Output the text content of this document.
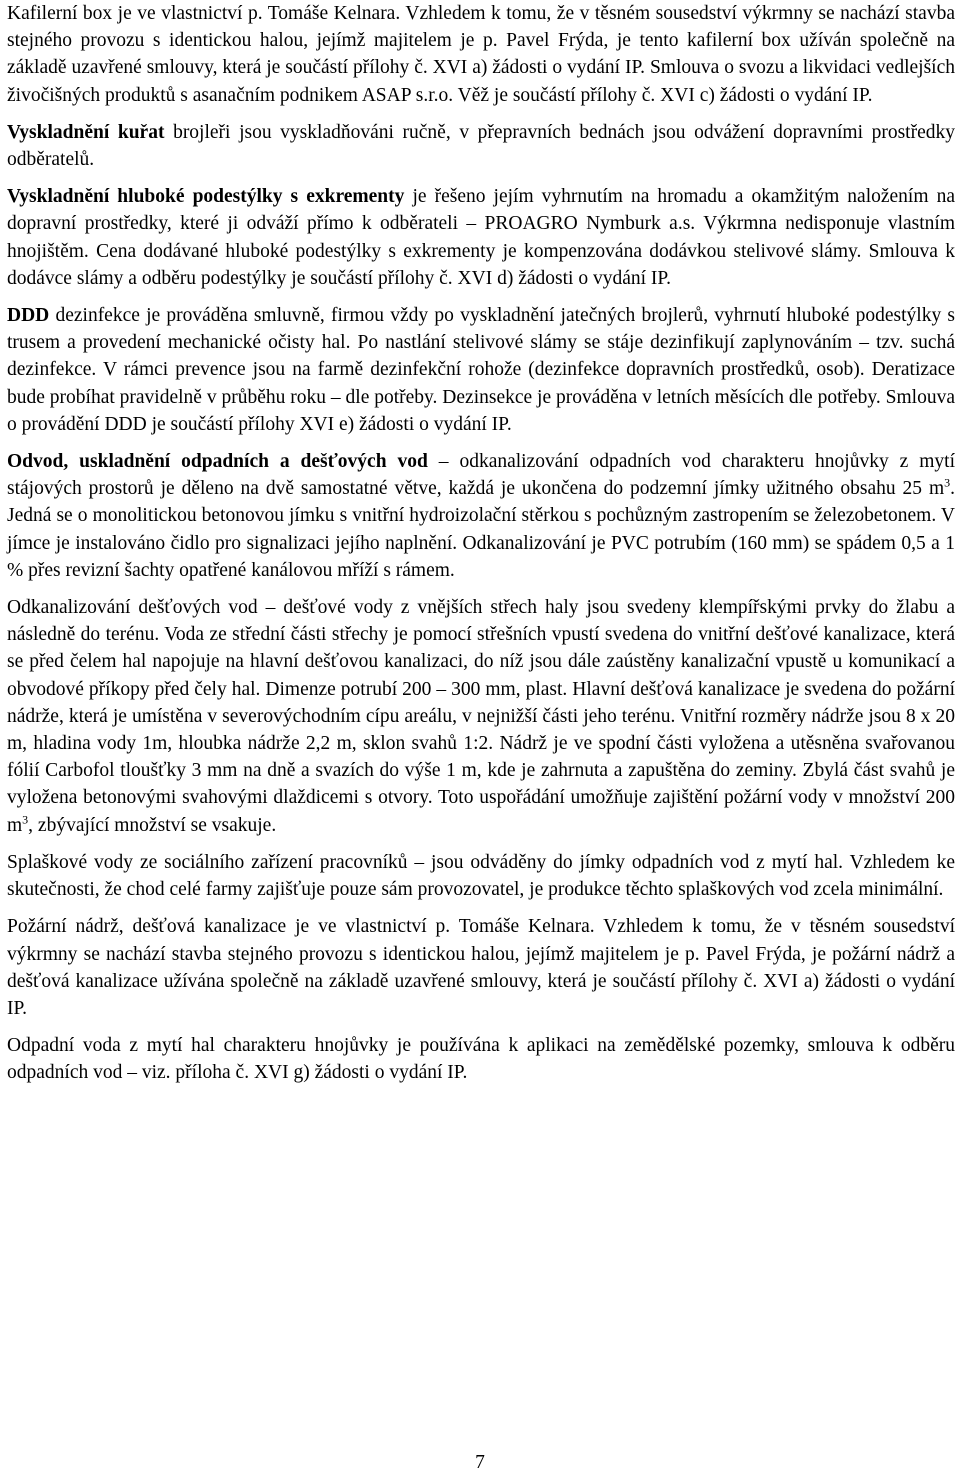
Kafilerní box je ve vlastnictví p. Tomáše Kelnara. Vzhledem k tomu, že v těsném sousedství výkrmny se nachází stavba stejného provozu s identickou halou, jejímž majitelem je p. Pavel Frýda, je tento kafilerní box užíván společně na základě uzavřené smlouvy, která je součástí přílohy č. XVI a) žádosti o vydání IP. Smlouva o svozu a likvidaci vedlejších živočišných produktů s asanačním podnikem ASAP s.r.o. Věž je součástí přílohy č. XVI c) žádosti o vydání IP.

Vyskladnění kuřat brojleři jsou vyskladňováni ručně, v přepravních bednách jsou odvážení dopravními prostředky odběratelů.

Vyskladnění hluboké podestýlky s exkrementy je řešeno jejím vyhrnutím na hromadu a okamžitým naložením na dopravní prostředky, které ji odváží přímo k odběrateli – PROAGRO Nymburk a.s. Výkrmna nedisponuje vlastním hnojištěm. Cena dodávané hluboké podestýlky s exkrementy je kompenzována dodávkou stelivové slámy. Smlouva k dodávce slámy a odběru podestýlky je součástí přílohy č. XVI d) žádosti o vydání IP.

DDD dezinfekce je prováděna smluvně, firmou vždy po vyskladnění jatečných brojlerů, vyhrnutí hluboké podestýlky s trusem a provedení mechanické očisty hal. Po nastlání stelivové slámy se stáje dezinfikují zaplynováním – tzv. suchá dezinfekce. V rámci prevence jsou na farmě dezinfekční rohože (dezinfekce dopravních prostředků, osob). Deratizace bude probíhat pravidelně v průběhu roku – dle potřeby. Dezinsekce je prováděna v letních měsících dle potřeby. Smlouva o provádění DDD je součástí přílohy XVI e) žádosti o vydání IP.

Odvod, uskladnění odpadních a dešťových vod – odkanalizování odpadních vod charakteru hnojůvky z mytí stájových prostorů je děleno na dvě samostatné větve, každá je ukončena do podzemní jímky užitného obsahu 25 $m^3$. Jedná se o monolitickou betonovou jímku s vnitřní hydroizolační stěrkou s pochůzným zastropením se železobetonem. V jímce je instalováno čidlo pro signalizaci jejího naplnění. Odkanalizování je PVC potrubím (160 mm) se spádem 0,5 a 1 % přes revizní šachty opatřené kanálovou mříží s rámem.

Odkanalizování dešťových vod – dešťové vody z vnějších střech haly jsou svedeny klempířskými prvky do žlabu a následně do terénu. Voda ze střední části střechy je pomocí střešních vpustí svedena do vnitřní dešťové kanalizace, která se před čelem hal napojuje na hlavní dešťovou kanalizaci, do níž jsou dále zaústěny kanalizační vpustě u komunikací a obvodové příkopy před čely hal. Dimenze potrubí 200 – 300 mm, plast. Hlavní dešťová kanalizace je svedena do požární nádrže, která je umístěna v severovýchodním cípu areálu, v nejnižší části jeho terénu. Vnitřní rozměry nádrže jsou 8 x 20 m, hladina vody 1m, hloubka nádrže 2,2 m, sklon svahů 1:2. Nádrž je ve spodní části vyložena a utěsněna svařovanou fólií Carbofol tloušťky 3 mm na dně a svazích do výše 1 m, kde je zahrnuta a zapuštěna do zeminy. Zbylá část svahů je vyložena betonovými svahovými dlaždicemi s otvory. Toto uspořádání umožňuje zajištění požární vody v množství 200 $m^3$, zbývající množství se vsakuje.

Splaškové vody ze sociálního zařízení pracovníků – jsou odváděny do jímky odpadních vod z mytí hal. Vzhledem ke skutečnosti, že chod celé farmy zajišťuje pouze sám provozovatel, je produkce těchto splaškových vod zcela minimální.

Požární nádrž, dešťová kanalizace je ve vlastnictví p. Tomáše Kelnara. Vzhledem k tomu, že v těsném sousedství výkrmny se nachází stavba stejného provozu s identickou halou, jejímž majitelem je p. Pavel Frýda, je požární nádrž a dešťová kanalizace užívána společně na základě uzavřené smlouvy, která je součástí přílohy č. XVI a) žádosti o vydání IP.

Odpadní voda z mytí hal charakteru hnojůvky je používána k aplikaci na zemědělské pozemky, smlouva k odběru odpadních vod – viz. příloha č. XVI g) žádosti o vydání IP.

7
